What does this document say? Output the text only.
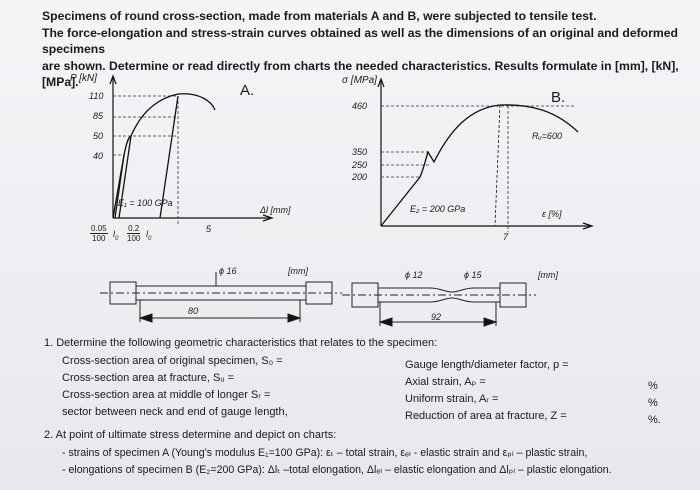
Specimens of round cross-section, made from materials A and B, were subjected to tensile test.
The force-elongation and stress-strain curves obtained as well as the dimensions of an original and deformed specimens
are shown. Determine or read directly from charts the needed characteristics. Results formulate in [mm], [kN], [MPa].
P [kN]
A.
110
85
50
40
E₁ = 100 GPa
Δl [mm]
5
$\frac{0.05}{100} l_0 \frac{0.2}{100} l_0$
σ [MPa]
460	B.
Rᵤ=600
350
250
200
E₂ = 200 GPa	ε [%]
7
ϕ 16	[mm]
80
ϕ 12	ϕ 15	[mm]
92
1. Determine the following geometric characteristics that relates to the specimen:
Cross-section area of original specimen, S₀ =
Cross-section area at fracture, Sᵤ =
Cross-section area at middle of longer Sᵣ =
sector between neck and end of gauge length,
Gauge length/diameter factor, p =
Axial strain, Aₚ =
Uniform strain, Aᵣ =
Reduction of area at fracture, Z =
%
%
%.
2. At point of ultimate stress determine and depict on charts:
- strains of specimen A (Young's modulus E₁=100 GPa): εₜ – total strain, εₑₗ - elastic strain and εₚₗ – plastic strain,
- elongations of specimen B (E₂=200 GPa): Δlₜ –total elongation, Δlₑₗ – elastic elongation and Δlₚₗ – plastic elongation.
